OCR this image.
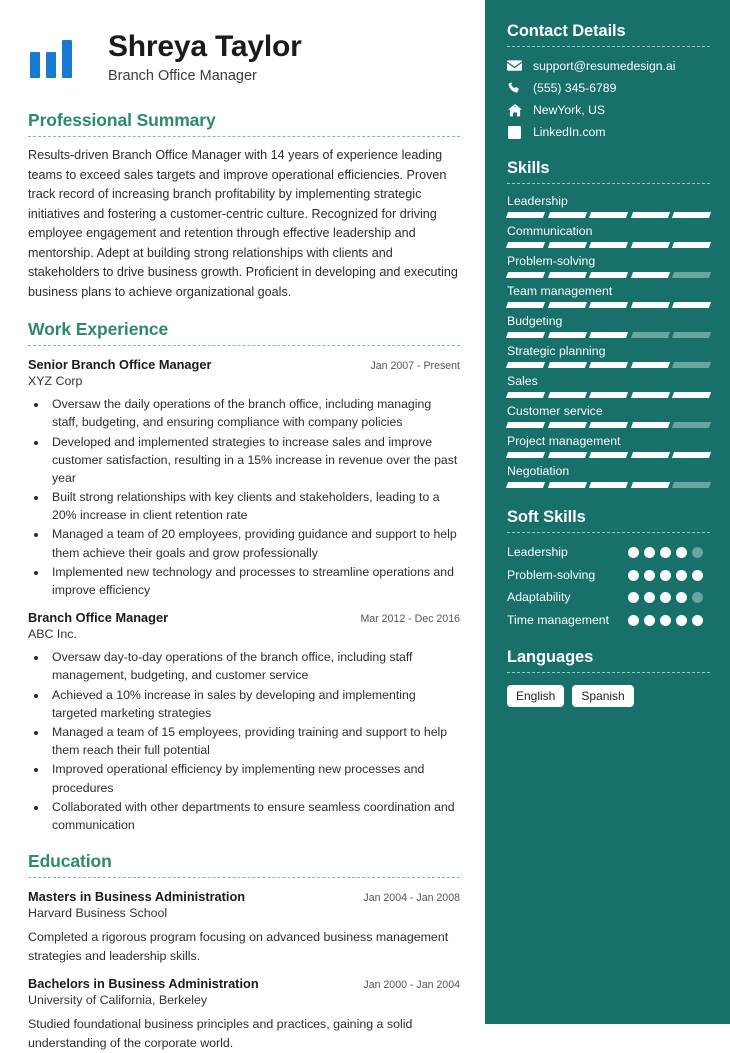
Shreya Taylor
Branch Office Manager
Professional Summary
Results-driven Branch Office Manager with 14 years of experience leading teams to exceed sales targets and improve operational efficiencies. Proven track record of increasing branch profitability by implementing strategic initiatives and fostering a customer-centric culture. Recognized for driving employee engagement and retention through effective leadership and mentorship. Adept at building strong relationships with clients and stakeholders to drive business growth. Proficient in developing and executing business plans to achieve organizational goals.
Work Experience
Senior Branch Office Manager	Jan 2007 - Present
XYZ Corp
• Oversaw the daily operations of the branch office, including managing staff, budgeting, and ensuring compliance with company policies
• Developed and implemented strategies to increase sales and improve customer satisfaction, resulting in a 15% increase in revenue over the past year
• Built strong relationships with key clients and stakeholders, leading to a 20% increase in client retention rate
• Managed a team of 20 employees, providing guidance and support to help them achieve their goals and grow professionally
• Implemented new technology and processes to streamline operations and improve efficiency
Branch Office Manager	Mar 2012 - Dec 2016
ABC Inc.
• Oversaw day-to-day operations of the branch office, including staff management, budgeting, and customer service
• Achieved a 10% increase in sales by developing and implementing targeted marketing strategies
• Managed a team of 15 employees, providing training and support to help them reach their full potential
• Improved operational efficiency by implementing new processes and procedures
• Collaborated with other departments to ensure seamless coordination and communication
Education
Masters in Business Administration	Jan 2004 - Jan 2008
Harvard Business School
Completed a rigorous program focusing on advanced business management strategies and leadership skills.
Bachelors in Business Administration	Jan 2000 - Jan 2004
University of California, Berkeley
Studied foundational business principles and practices, gaining a solid understanding of the corporate world.
Contact Details
support@resumedesign.ai
(555) 345-6789
NewYork, US
LinkedIn.com
Skills
Leadership
Communication
Problem-solving
Team management
Budgeting
Strategic planning
Sales
Customer service
Project management
Negotiation
Soft Skills
Leadership
Problem-solving
Adaptability
Time management
Languages
English	Spanish
